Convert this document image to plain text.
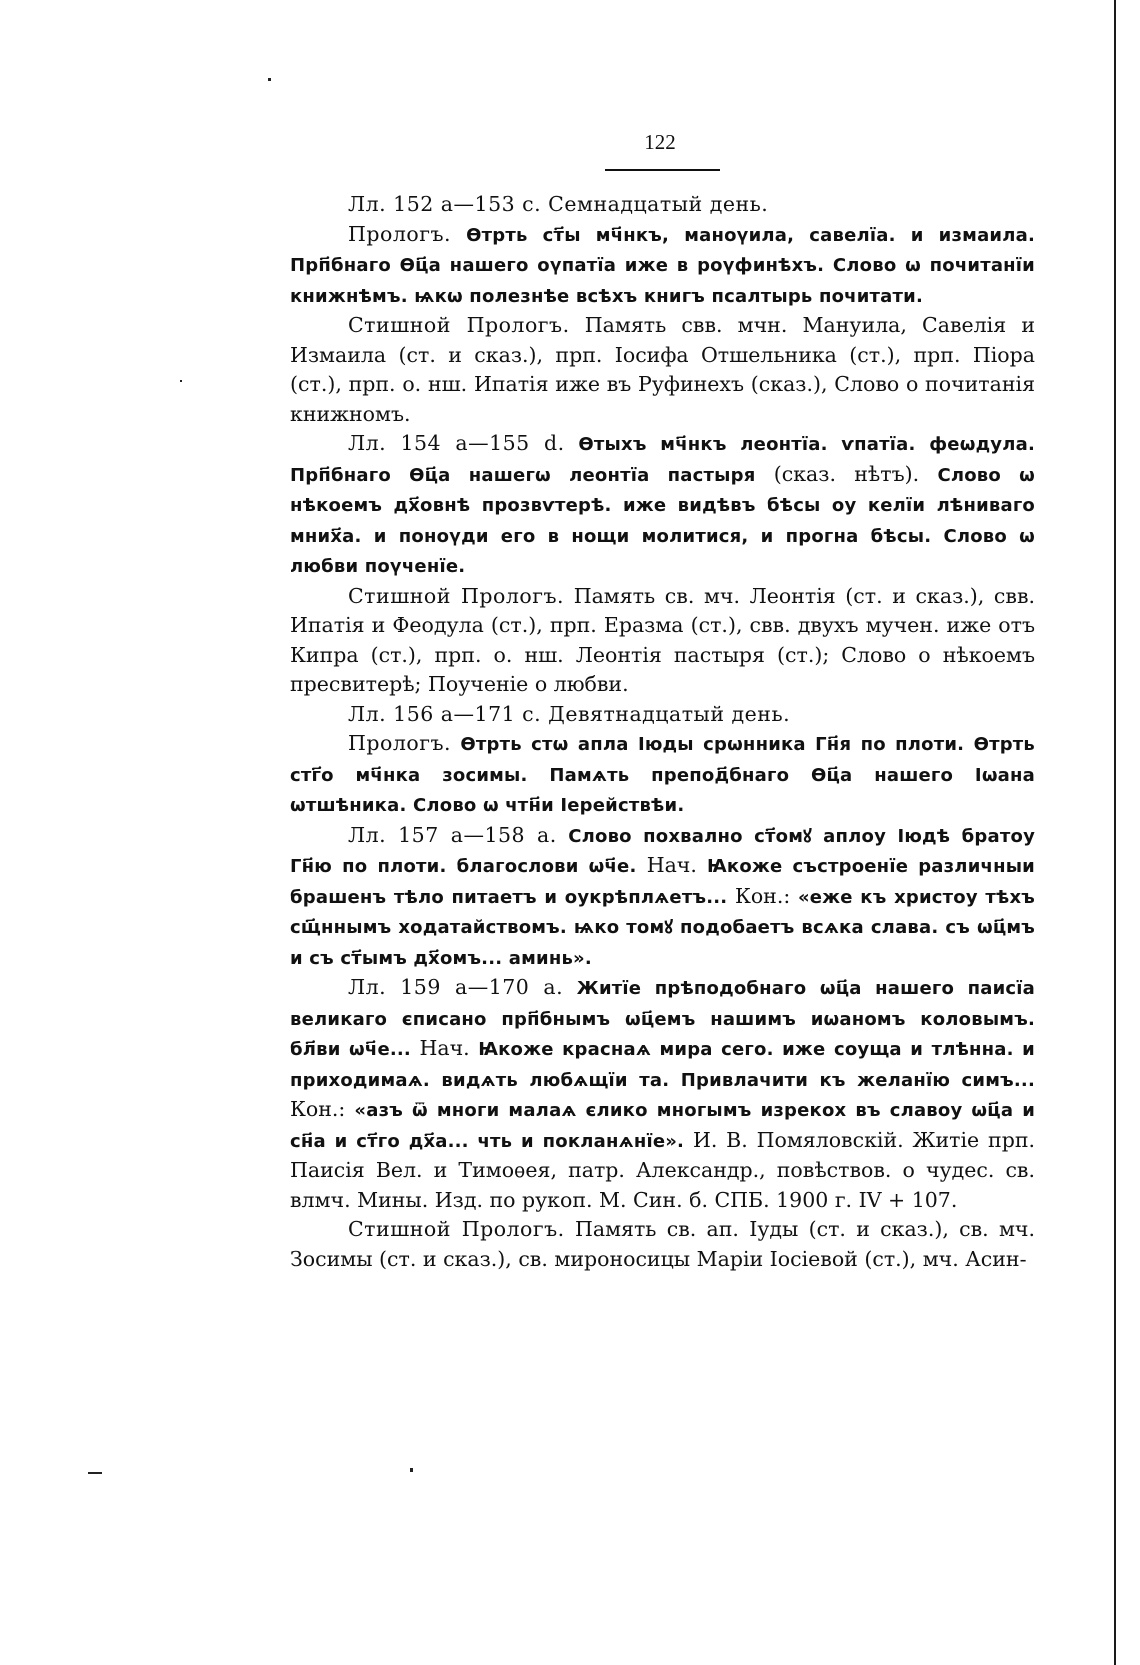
122

Лл. 152 а—153 с. Семнадцатый день.

Прологъ. Ѳтрть ст҃ы мч҃нкъ, маноүила, савелїа. и измаила. Прп҃бнаго Ѳц҃а нашего оүпатїа иже в роүфинѣхъ. Слово ѡ почитанїи книжнѣмъ. ѩкѡ полезнѣе всѣхъ книгъ псалтырь почитати.

Стишной Прологъ. Память свв. мчн. Мануила, Савелія и Измаила (ст. и сказ.), прп. Іосифа Отшельника (ст.), прп. Піора (ст.), прп. о. нш. Ипатія иже въ Руфинехъ (сказ.), Слово о почитанія книжномъ.

Лл. 154 а—155 d. Ѳтыхъ мч҃нкъ леонтїа. ѵпатїа. феѡдула. Прп҃бнаго Ѳц҃а нашегѡ леонтїа пастыря (сказ. нѣтъ). Слово ѡ нѣкоемъ дх҃овнѣ прозвѵтерѣ. иже видѣвъ бѣсы оу келїи лѣниваго мних҃а. и поноүди его в нощи молитися, и прогна бѣсы. Слово ѡ любви поүченїе.

Стишной Прологъ. Память св. мч. Леонтія (ст. и сказ.), свв. Ипатія и Феодула (ст.), прп. Еразма (ст.), свв. двухъ мучен. иже отъ Кипра (ст.), прп. о. нш. Леонтія пастыря (ст.); Слово о нѣкоемъ пресвитерѣ; Поученіе о любви.

Лл. 156 а—171 с. Девятнадцатый день.

Прологъ. Ѳтрть стѡ апла Іюды срѡнника Гн҃я по плоти. Ѳтрть стг҃о мч҃нка зосимы. Памѧть препод҃бнаго Ѳц҃а нашего Іѡана ѡтшѣника. Слово ѡ чтн҃и Іерействѣи.

Лл. 157 а—158 а. Слово похвално ст҃омꙋ аплоу Іюдѣ братоу Гн҃ю по плоти. благослови ѡч҃е. Нач. Ꙗкоже състроенїе различныи брашенъ тѣло питаетъ и оукрѣплѧетъ... Кон.: «еже къ христоу тѣхъ сщ҃ннымъ ходатайствомъ. ѩко томꙋ подобаетъ всѧка слава. съ ѡц҃мъ и съ ст҃ымъ дх҃омъ... аминь».

Лл. 159 а—170 а. Житїе прѣподобнаго ѡц҃а нашего паисїа великаго єписано прп҃бнымъ ѡц҃емъ нашимъ иѡаномъ коловымъ. бл҃ви ѡч҃е... Нач. Ꙗкоже краснаѧ мира сего. иже соуща и тлѣнна. и приходимаѧ. видѧть любѧщїи та. Привлачити къ желанїю симъ... Кон.: «азъ ѿ многи малаѧ єлико многымъ изрекох въ славоу ѡц҃а и сн҃а и ст҃го дх҃а... чть и покланѧнїе». И. В. Помяловскій. Житіе прп. Паисія Вел. и Тимоѳея, патр. Александр., повѣствов. о чудес. св. влмч. Мины. Изд. по рукоп. М. Син. б. СПБ. 1900 г. IV + 107.

Стишной Прологъ. Память св. ап. Іуды (ст. и сказ.), св. мч. Зосимы (ст. и сказ.), св. мироносицы Маріи Іосіевой (ст.), мч. Асин-
